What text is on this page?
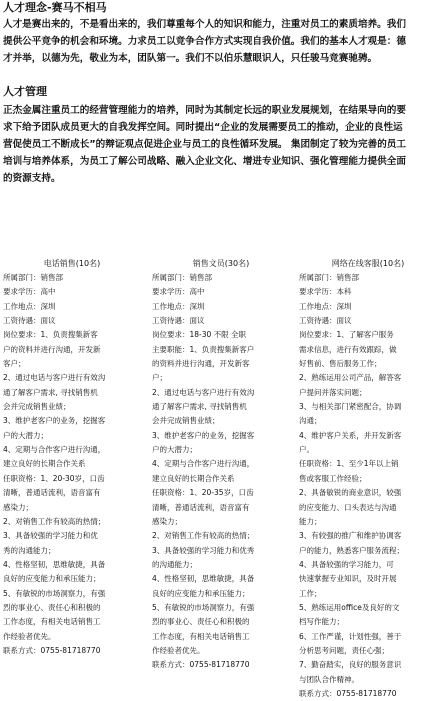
人才理念-赛马不相马
人才是赛出来的，不是看出来的，我们尊重每个人的知识和能力，注重对员工的素质培养。我们
提供公平竞争的机会和环境。力求员工以竞争合作方式实现自我价值。我们的基本人才观是：德
才并举，以德为先，敬业为本，团队第一。我们不以伯乐慧眼识人，只任骏马竞赛驰骋。
人才管理
正杰金属注重员工的经营管理能力的培养，同时为其制定长远的职业发展规划，在结果导向的要
求下给予团队成员更大的自我发挥空间。同时提出“企业的发展需要员工的推动，企业的良性运
营促使员工不断成长”的辩证观点促进企业与员工的良性循环发展。 集团制定了较为完善的员工
培训与培养体系，为员工了解公司战略、融入企业文化、增进专业知识、强化管理能力提供全面
的资源支持。
电话销售(10名)
所属部门：销售部
要求学历：高中
工作地点：深圳
工资待遇：面议
岗位要求：1、负责搜集新客
户的资料并进行沟通，开发新
客户；
2、通过电话与客户进行有效沟
通了解客户需求, 寻找销售机
会并完成销售业绩；
3、维护老客户的业务，挖掘客
户的大潜力；
4、定期与合作客户进行沟通，
建立良好的长期合作关系
任职资格：1、20-30岁，口齿
清晰，普通话流利，语音富有
感染力；
2、对销售工作有较高的热情；
3、具备较强的学习能力和优
秀的沟通能力；
4、性格坚韧，思维敏捷，具备
良好的应变能力和承压能力；
5、有敏锐的市场洞察力，有强
烈的事业心、责任心和积极的
工作态度，有相关电话销售工
作经验者优先。
联系方式：0755-81718770
销售文员(30名)
所属部门：销售部
要求学历：高中
工作地点：深圳
工资待遇：面议
岗位要求：18-30 不限 全职
主要职能：1、负责搜集新客户
的资料并进行沟通，开发新客
户；
2、通过电话与客户进行有效沟
通了解客户需求, 寻找销售机
会并完成销售业绩；
3、维护老客户的业务，挖掘客
户的大潜力；
4、定期与合作客户进行沟通，
建立良好的长期合作关系
任职资格：1、20-35岁，口齿
清晰，普通话流利，语音富有
感染力；
2、对销售工作有较高的热情；
3、具备较强的学习能力和优秀
的沟通能力；
4、性格坚韧，思维敏捷，具备
良好的应变能力和承压能力；
5、有敏锐的市场洞察力，有强
烈的事业心、责任心和积极的
工作态度，有相关电话销售工
作经验者优先。
联系方式：0755-81718770
网络在线客服(10名)
所属部门：销售部
要求学历：本科
工作地点：深圳
工资待遇：面议
岗位要求：1、了解客户服务
需求信息，进行有效跟踪，做
好售前、售后服务工作；
2、熟练运用公司产品，解答客
户提问并落实问题；
3、与相关部门紧密配合，协调
沟通；
4、维护客户关系，并开发新客
户。
任职资格：1、至少1年以上销
售或客服工作经验；
2、具备敏锐的商业意识，较强
的应变能力、口头表达与沟通
能力；
3、有较强的推广和维护协调客
户的能力，熟悉客户服务流程；
4、具备较强的学习能力，可
快速掌握专业知识，及时开展
工作；
5、熟练运用office及良好的文
档写作能力；
6、工作严谨，计划性强，善于
分析思考问题，责任心强；
7、勤奋踏实，良好的服务意识
与团队合作精神。
联系方式：0755-81718770
